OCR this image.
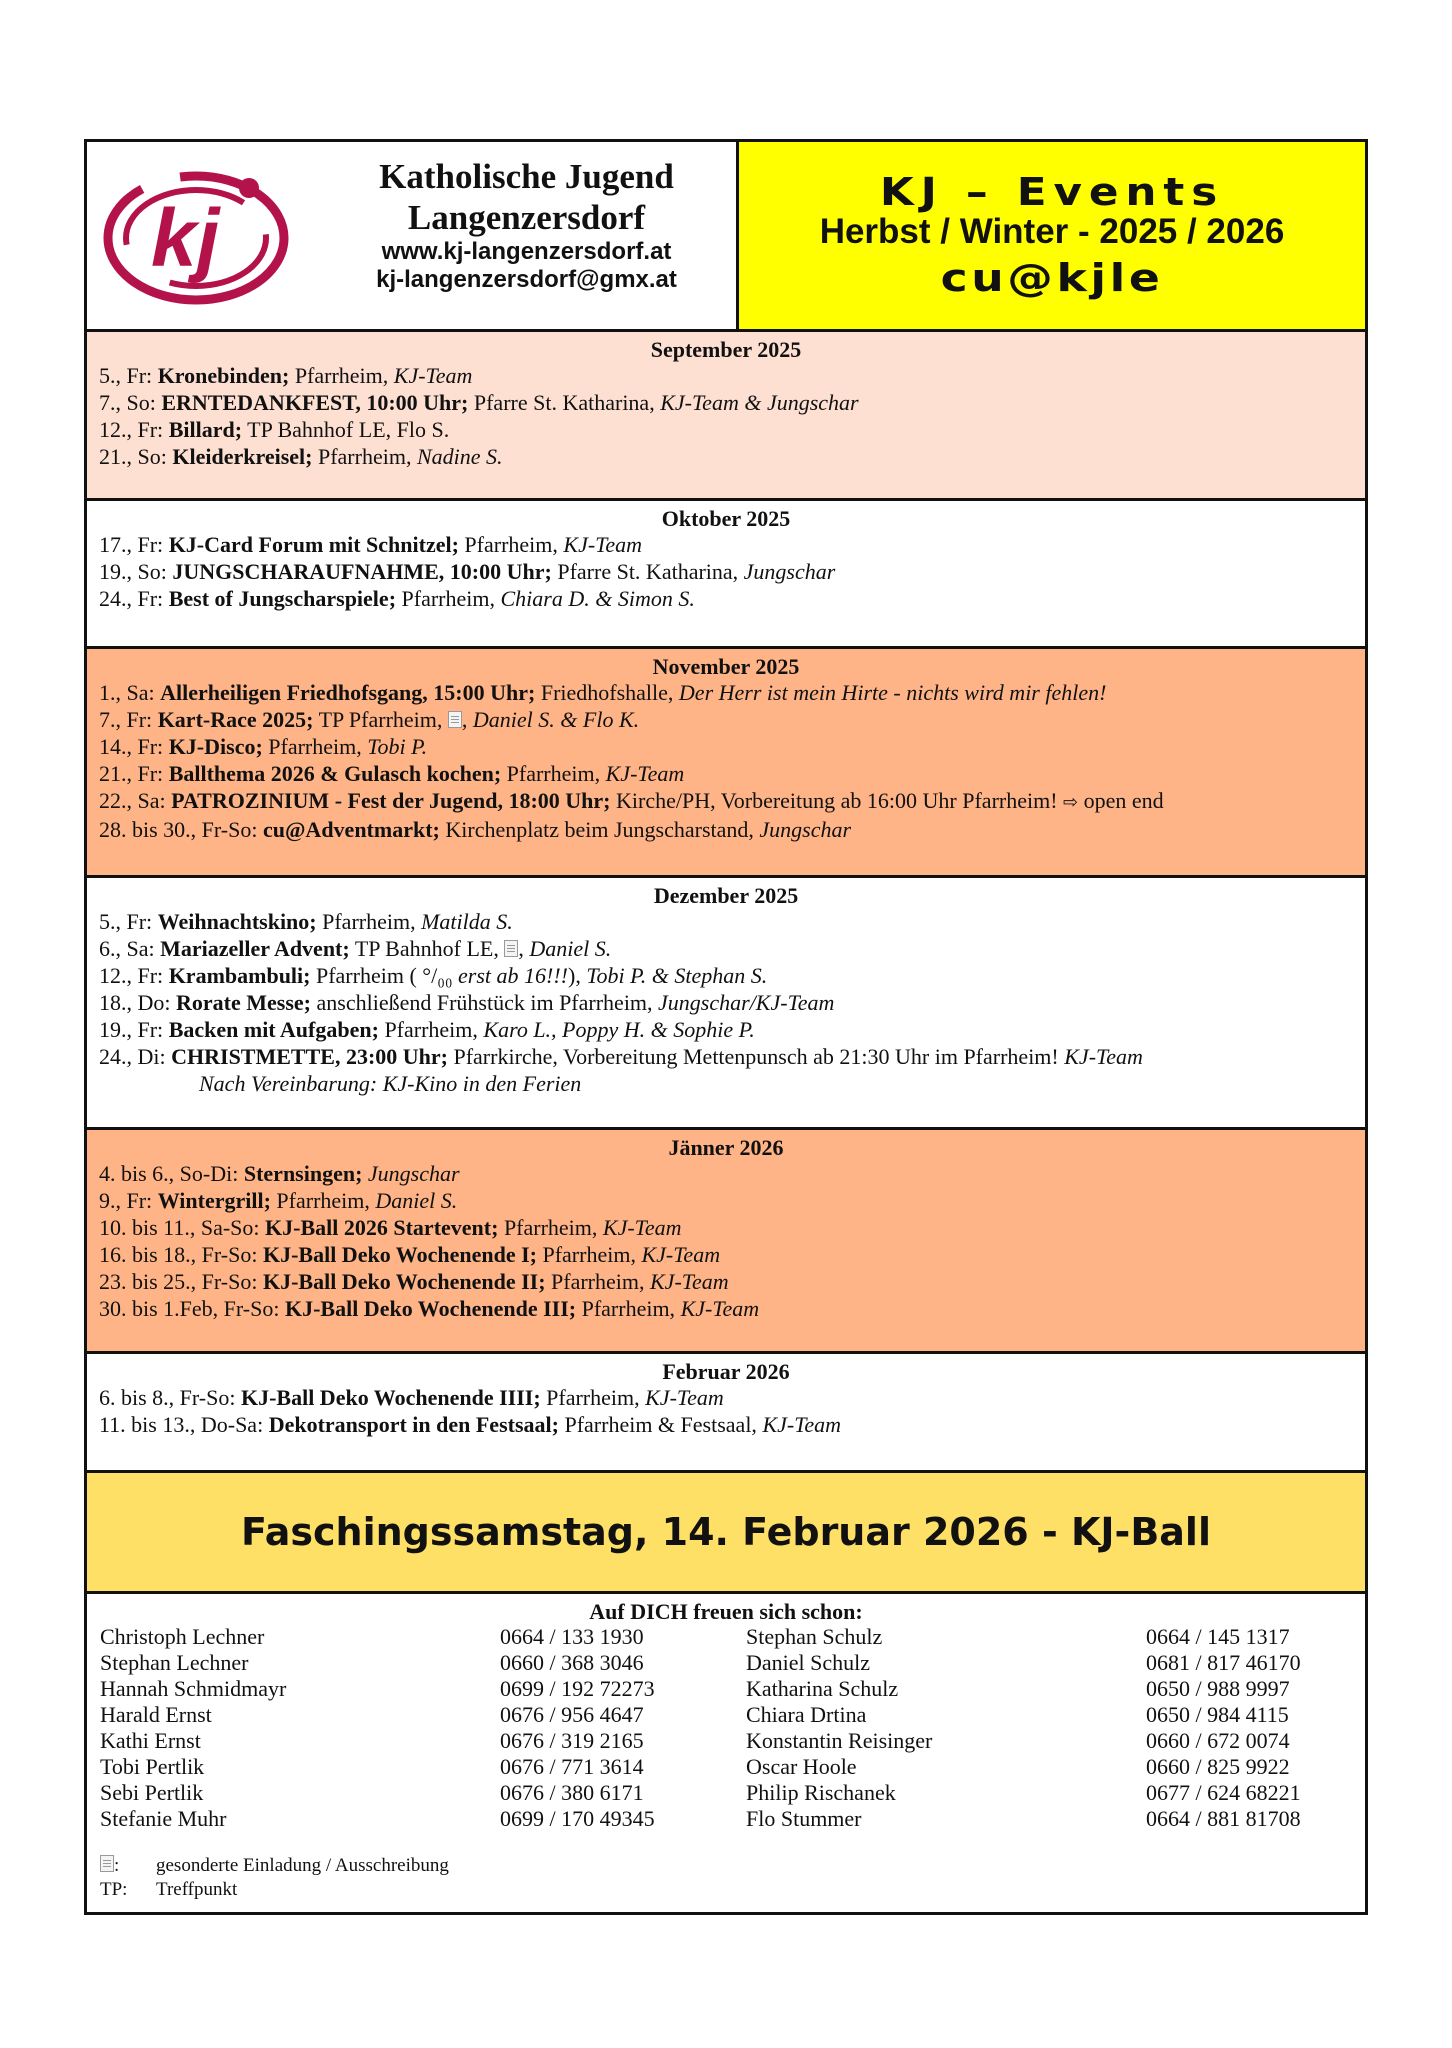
kj
Katholische Jugend
Langenzersdorf
www.kj-langenzersdorf.at
kj-langenzersdorf@gmx.at
KJ – Events
Herbst / Winter - 2025 / 2026
cu@kjle
September 2025
5., Fr: Kronebinden; Pfarrheim, KJ-Team
7., So: ERNTEDANKFEST, 10:00 Uhr; Pfarre St. Katharina, KJ-Team & Jungschar
12., Fr: Billard; TP Bahnhof LE, Flo S.
21., So: Kleiderkreisel; Pfarrheim, Nadine S.
Oktober 2025
17., Fr: KJ-Card Forum mit Schnitzel; Pfarrheim, KJ-Team
19., So: JUNGSCHARAUFNAHME, 10:00 Uhr; Pfarre St. Katharina, Jungschar
24., Fr: Best of Jungscharspiele; Pfarrheim, Chiara D. & Simon S.
November 2025
1., Sa: Allerheiligen Friedhofsgang, 15:00 Uhr; Friedhofshalle, Der Herr ist mein Hirte - nichts wird mir fehlen!
7., Fr: Kart-Race 2025; TP Pfarrheim, , Daniel S. & Flo K.
14., Fr: KJ-Disco; Pfarrheim, Tobi P.
21., Fr: Ballthema 2026 & Gulasch kochen; Pfarrheim, KJ-Team
22., Sa: PATROZINIUM - Fest der Jugend, 18:00 Uhr; Kirche/PH, Vorbereitung ab 16:00 Uhr Pfarrheim! ⇨ open end
28. bis 30., Fr-So: cu@Adventmarkt; Kirchenplatz beim Jungscharstand, Jungschar
Dezember 2025
5., Fr: Weihnachtskino; Pfarrheim, Matilda S.
6., Sa: Mariazeller Advent; TP Bahnhof LE, , Daniel S.
12., Fr: Krambambuli; Pfarrheim ( °/₀₀ erst ab 16!!!), Tobi P. & Stephan S.
18., Do: Rorate Messe; anschließend Frühstück im Pfarrheim, Jungschar/KJ-Team
19., Fr: Backen mit Aufgaben; Pfarrheim, Karo L., Poppy H. & Sophie P.
24., Di: CHRISTMETTE, 23:00 Uhr; Pfarrkirche, Vorbereitung Mettenpunsch ab 21:30 Uhr im Pfarrheim! KJ-Team
Nach Vereinbarung: KJ-Kino in den Ferien
Jänner 2026
4. bis 6., So-Di: Sternsingen; Jungschar
9., Fr: Wintergrill; Pfarrheim, Daniel S.
10. bis 11., Sa-So: KJ-Ball 2026 Startevent; Pfarrheim, KJ-Team
16. bis 18., Fr-So: KJ-Ball Deko Wochenende I; Pfarrheim, KJ-Team
23. bis 25., Fr-So: KJ-Ball Deko Wochenende II; Pfarrheim, KJ-Team
30. bis 1.Feb, Fr-So: KJ-Ball Deko Wochenende III; Pfarrheim, KJ-Team
Februar 2026
6. bis 8., Fr-So: KJ-Ball Deko Wochenende IIII; Pfarrheim, KJ-Team
11. bis 13., Do-Sa: Dekotransport in den Festsaal; Pfarrheim & Festsaal, KJ-Team
Faschingssamstag, 14. Februar 2026 - KJ-Ball
Auf DICH freuen sich schon:
Christoph Lechner	0664 / 133 1930	Stephan Schulz	0664 / 145 1317
Stephan Lechner	0660 / 368 3046	Daniel Schulz	0681 / 817 46170
Hannah Schmidmayr	0699 / 192 72273	Katharina Schulz	0650 / 988 9997
Harald Ernst	0676 / 956 4647	Chiara Drtina	0650 / 984 4115
Kathi Ernst	0676 / 319 2165	Konstantin Reisinger	0660 / 672 0074
Tobi Pertlik	0676 / 771 3614	Oscar Hoole	0660 / 825 9922
Sebi Pertlik	0676 / 380 6171	Philip Rischanek	0677 / 624 68221
Stefanie Muhr	0699 / 170 49345	Flo Stummer	0664 / 881 81708
:	gesonderte Einladung / Ausschreibung
TP:	Treffpunkt
